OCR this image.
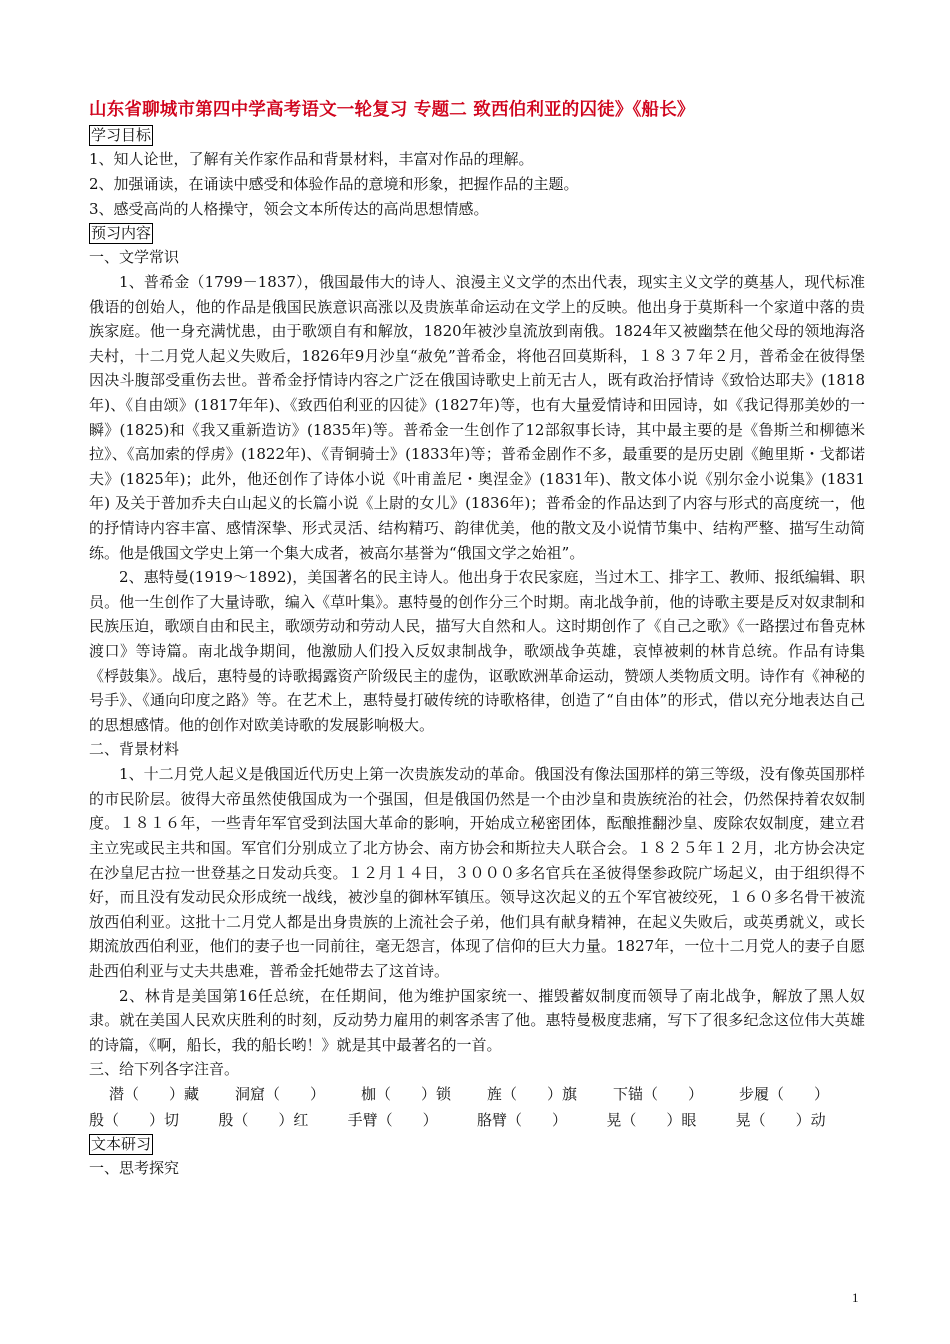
山东省聊城市第四中学高考语文一轮复习 专题二 致西伯利亚的囚徒》《船长》
学习目标
1、知人论世，了解有关作家作品和背景材料，丰富对作品的理解。
2、加强诵读，在诵读中感受和体验作品的意境和形象，把握作品的主题。
3、感受高尚的人格操守，领会文本所传达的高尚思想情感。
预习内容
一、文学常识

1、普希金（1799－1837），俄国最伟大的诗人、浪漫主义文学的杰出代表，现实主义文学的奠基人，现代标准俄语的创始人，他的作品是俄国民族意识高涨以及贵族革命运动在文学上的反映。他出身于莫斯科一个家道中落的贵族家庭。他一身充满忧患，由于歌颂自有和解放，1820年被沙皇流放到南俄。1824年又被幽禁在他父母的领地海洛夫村，十二月党人起义失败后，1826年9月沙皇“赦免”普希金，将他召回莫斯科，１８３７年２月，普希金在彼得堡因决斗腹部受重伤去世。普希金抒情诗内容之广泛在俄国诗歌史上前无古人，既有政治抒情诗《致恰达耶夫》(1818年)、《自由颂》(1817年年)、《致西伯利亚的囚徒》(1827年)等，也有大量爱情诗和田园诗，如《我记得那美妙的一瞬》(1825)和《我又重新造访》(1835年)等。普希金一生创作了12部叙事长诗，其中最主要的是《鲁斯兰和柳德米拉》、《高加索的俘虏》(1822年)、《青铜骑士》(1833年)等；普希金剧作不多，最重要的是历史剧《鲍里斯・戈都诺夫》(1825年)；此外，他还创作了诗体小说《叶甫盖尼・奥涅金》(1831年)、散文体小说《别尔金小说集》(1831年) 及关于普加乔夫白山起义的长篇小说《上尉的女儿》(1836年)；普希金的作品达到了内容与形式的高度统一，他的抒情诗内容丰富、感情深挚、形式灵活、结构精巧、韵律优美，他的散文及小说情节集中、结构严整、描写生动简练。他是俄国文学史上第一个集大成者，被高尔基誉为“俄国文学之始祖”。

2、惠特曼(1919～1892)，美国著名的民主诗人。他出身于农民家庭，当过木工、排字工、教师、报纸编辑、职员。他一生创作了大量诗歌，编入《草叶集》。惠特曼的创作分三个时期。南北战争前，他的诗歌主要是反对奴隶制和民族压迫，歌颂自由和民主，歌颂劳动和劳动人民，描写大自然和人。这时期创作了《自己之歌》《一路摆过布鲁克林渡口》等诗篇。南北战争期间，他激励人们投入反奴隶制战争，歌颂战争英雄，哀悼被刺的林肯总统。作品有诗集《桴鼓集》。战后，惠特曼的诗歌揭露资产阶级民主的虚伪，讴歌欧洲革命运动，赞颂人类物质文明。诗作有《神秘的号手》、《通向印度之路》等。在艺术上，惠特曼打破传统的诗歌格律，创造了“自由体”的形式，借以充分地表达自己的思想感情。他的创作对欧美诗歌的发展影响极大。

二、背景材料

1、十二月党人起义是俄国近代历史上第一次贵族发动的革命。俄国没有像法国那样的第三等级，没有像英国那样的市民阶层。彼得大帝虽然使俄国成为一个强国，但是俄国仍然是一个由沙皇和贵族统治的社会，仍然保持着农奴制度。１８１６年，一些青年军官受到法国大革命的影响，开始成立秘密团体，酝酿推翻沙皇、废除农奴制度，建立君主立宪或民主共和国。军官们分别成立了北方协会、南方协会和斯拉夫人联合会。１８２５年１２月，北方协会决定在沙皇尼古拉一世登基之日发动兵变。１２月１４日，３０００多名官兵在圣彼得堡参政院广场起义，由于组织得不好，而且没有发动民众形成统一战线，被沙皇的御林军镇压。领导这次起义的五个军官被绞死，１６０多名骨干被流放西伯利亚。这批十二月党人都是出身贵族的上流社会子弟，他们具有献身精神，在起义失败后，或英勇就义，或长期流放西伯利亚，他们的妻子也一同前往，毫无怨言，体现了信仰的巨大力量。1827年，一位十二月党人的妻子自愿赴西伯利亚与丈夫共患难，普希金托她带去了这首诗。

2、林肯是美国第16任总统，在任期间，他为维护国家统一、摧毁蓄奴制度而领导了南北战争，解放了黑人奴隶。就在美国人民欢庆胜利的时刻，反动势力雇用的刺客杀害了他。惠特曼极度悲痛，写下了很多纪念这位伟大英雄的诗篇，《啊，船长，我的船长哟！》就是其中最著名的一首。

三、给下列各字注音。
潜（　　）藏	洞窟（　　）	枷（　　）锁	旌（　　）旗	下锚（　　）	步履（　　）
殷（　　）切	殷（　　）红	手臂（　　）	胳臂（　　）	晃（　　）眼	晃（　　）动
文本研习
一、思考探究
1
